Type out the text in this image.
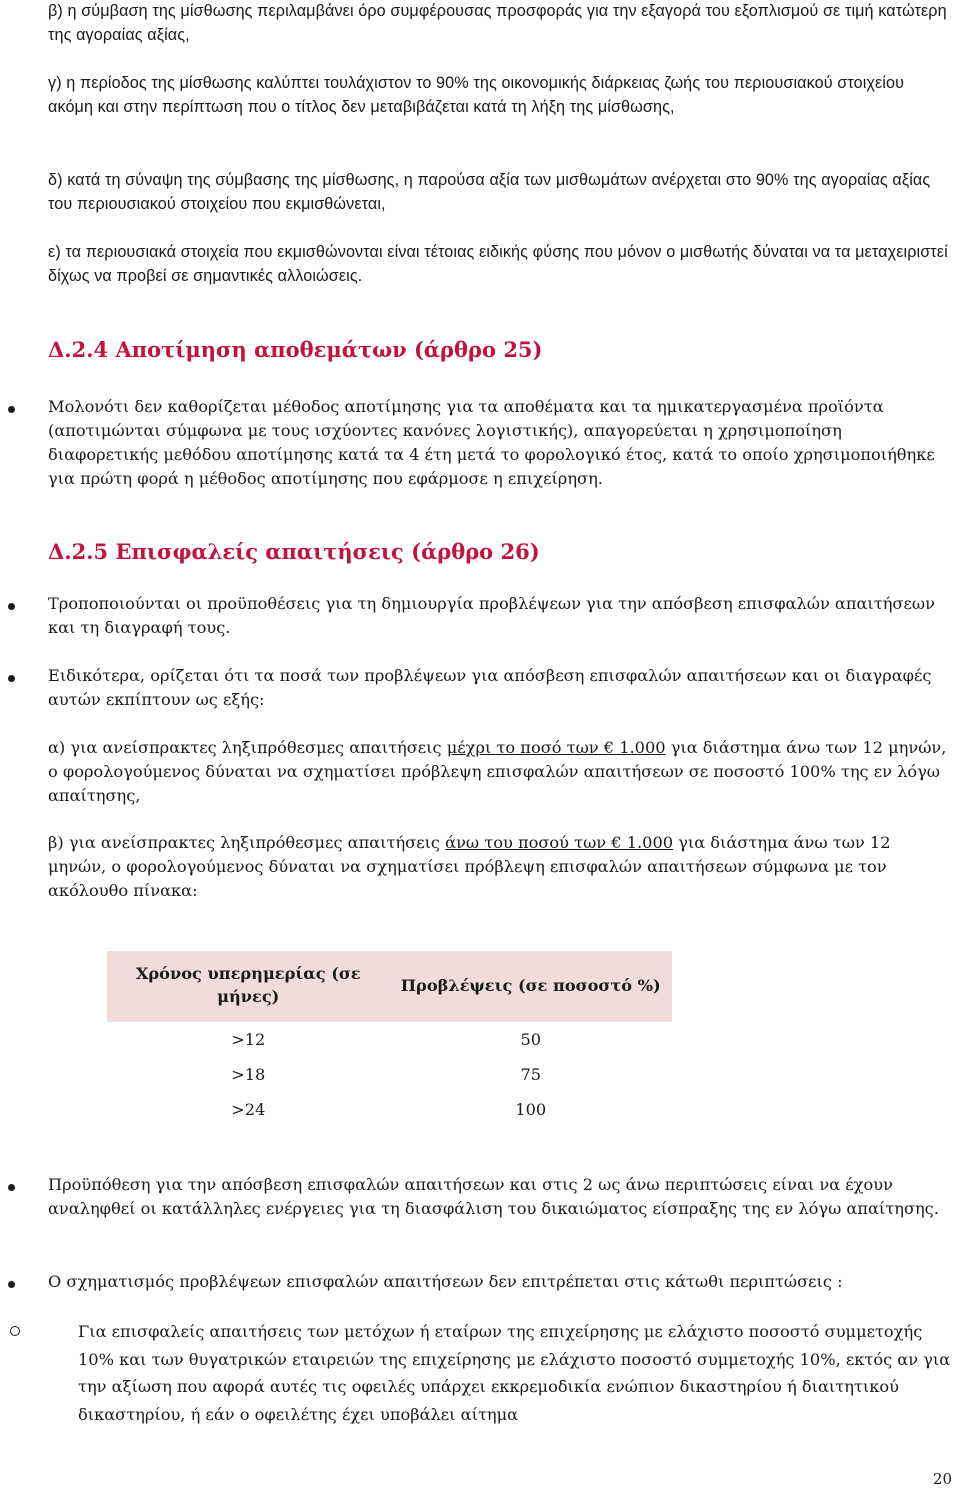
β) η σύμβαση της μίσθωσης περιλαμβάνει όρο συμφέρουσας προσφοράς για την εξαγορά του εξοπλισμού σε τιμή κατώτερη της αγοραίας αξίας,

γ) η περίοδος της μίσθωσης καλύπτει τουλάχιστον το 90% της οικονομικής διάρκειας ζωής του περιουσιακού στοιχείου ακόμη και στην περίπτωση που ο τίτλος δεν μεταβιβάζεται κατά τη λήξη της μίσθωσης,

δ) κατά τη σύναψη της σύμβασης της μίσθωσης, η παρούσα αξία των μισθωμάτων ανέρχεται στο 90% της αγοραίας αξίας του περιουσιακού στοιχείου που εκμισθώνεται,

ε) τα περιουσιακά στοιχεία που εκμισθώνονται είναι τέτοιας ειδικής φύσης που μόνον ο μισθωτής δύναται να τα μεταχειριστεί δίχως να προβεί σε σημαντικές αλλοιώσεις.

Δ.2.4 Αποτίμηση αποθεμάτων (άρθρο 25)

Μολονότι δεν καθορίζεται μέθοδος αποτίμησης για τα αποθέματα και τα ημικατεργασμένα προϊόντα (αποτιμώνται σύμφωνα με τους ισχύοντες κανόνες λογιστικής), απαγορεύεται η χρησιμοποίηση διαφορετικής μεθόδου αποτίμησης κατά τα 4 έτη μετά το φορολογικό έτος, κατά το οποίο χρησιμοποιήθηκε για πρώτη φορά η μέθοδος αποτίμησης που εφάρμοσε η επιχείρηση.

Δ.2.5 Επισφαλείς απαιτήσεις (άρθρο 26)

Τροποποιούνται οι προϋποθέσεις για τη δημιουργία προβλέψεων για την απόσβεση επισφαλών απαιτήσεων και τη διαγραφή τους.

Ειδικότερα, ορίζεται ότι τα ποσά των προβλέψεων για απόσβεση επισφαλών απαιτήσεων και οι διαγραφές αυτών εκπίπτουν ως εξής:

α) για ανείσπρακτες ληξιπρόθεσμες απαιτήσεις μέχρι το ποσό των € 1.000 για διάστημα άνω των 12 μηνών, ο φορολογούμενος δύναται να σχηματίσει πρόβλεψη επισφαλών απαιτήσεων σε ποσοστό 100% της εν λόγω απαίτησης,

β) για ανείσπρακτες ληξιπρόθεσμες απαιτήσεις άνω του ποσού των € 1.000 για διάστημα άνω των 12 μηνών, ο φορολογούμενος δύναται να σχηματίσει πρόβλεψη επισφαλών απαιτήσεων σύμφωνα με τον ακόλουθο πίνακα:

Χρόνος υπερημερίας (σε μήνες)	Προβλέψεις (σε ποσοστό %)
>12	50
>18	75
>24	100

Προϋπόθεση για την απόσβεση επισφαλών απαιτήσεων και στις 2 ως άνω περιπτώσεις είναι να έχουν αναληφθεί οι κατάλληλες ενέργειες για τη διασφάλιση του δικαιώματος είσπραξης της εν λόγω απαίτησης.

Ο σχηματισμός προβλέψεων επισφαλών απαιτήσεων δεν επιτρέπεται στις κάτωθι περιπτώσεις :

Για επισφαλείς απαιτήσεις των μετόχων ή εταίρων της επιχείρησης με ελάχιστο ποσοστό συμμετοχής 10% και των θυγατρικών εταιρειών της επιχείρησης με ελάχιστο ποσοστό συμμετοχής 10%, εκτός αν για την αξίωση που αφορά αυτές τις οφειλές υπάρχει εκκρεμοδικία ενώπιον δικαστηρίου ή διαιτητικού δικαστηρίου, ή εάν ο οφειλέτης έχει υποβάλει αίτημα

20
